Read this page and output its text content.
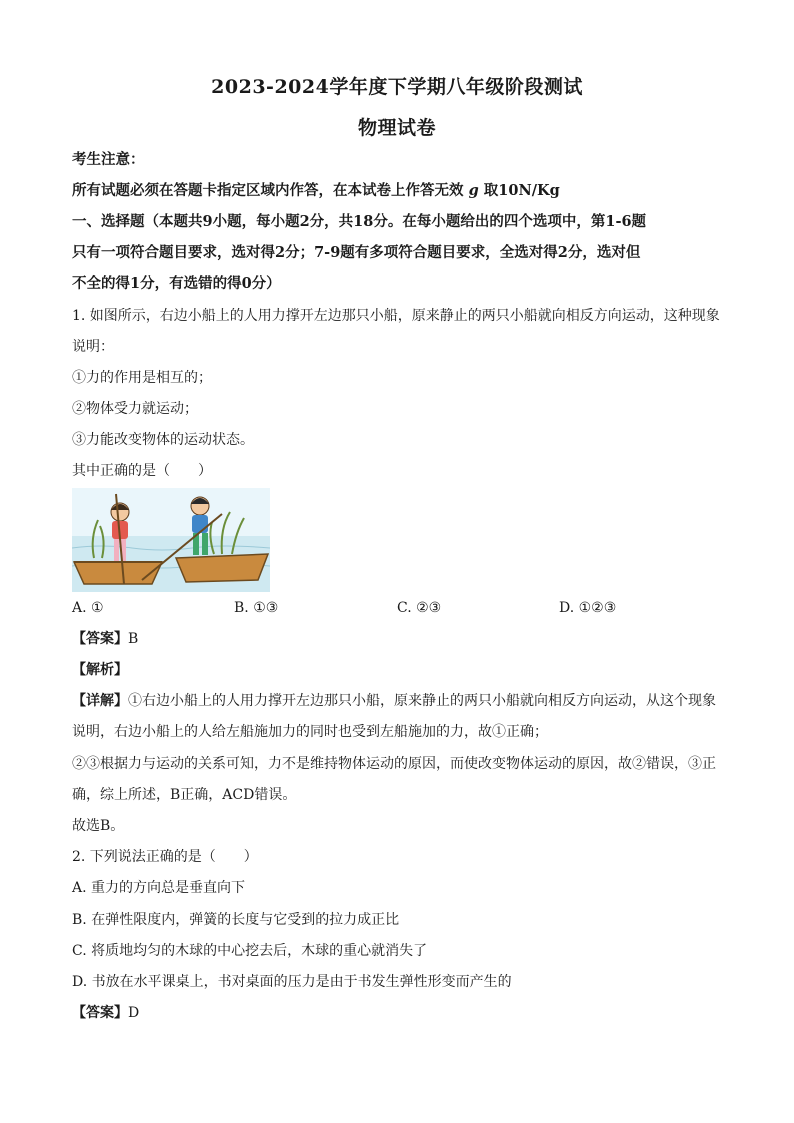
2023-2024学年度下学期八年级阶段测试
物理试卷
考生注意：
所有试题必须在答题卡指定区域内作答，在本试卷上作答无效 g 取10N/Kg
一、选择题（本题共9小题，每小题2分，共18分。在每小题给出的四个选项中，第1-6题
只有一项符合题目要求，选对得2分；7-9题有多项符合题目要求，全选对得2分，选对但
不全的得1分，有选错的得0分）
1. 如图所示，右边小船上的人用力撑开左边那只小船，原来静止的两只小船就向相反方向运动，这种现象
说明：
①力的作用是相互的；
②物体受力就运动；
③力能改变物体的运动状态。
其中正确的是（　　）
A. ①	B. ①③	C. ②③	D. ①②③
【答案】B
【解析】
【详解】①右边小船上的人用力撑开左边那只小船，原来静止的两只小船就向相反方向运动，从这个现象
说明，右边小船上的人给左船施加力的同时也受到左船施加的力，故①正确；
②③根据力与运动的关系可知，力不是维持物体运动的原因，而使改变物体运动的原因，故②错误，③正
确，综上所述，B正确，ACD错误。
故选B。
2. 下列说法正确的是（　　）
A. 重力的方向总是垂直向下
B. 在弹性限度内，弹簧的长度与它受到的拉力成正比
C. 将质地均匀的木球的中心挖去后，木球的重心就消失了
D. 书放在水平课桌上，书对桌面的压力是由于书发生弹性形变而产生的
【答案】D
